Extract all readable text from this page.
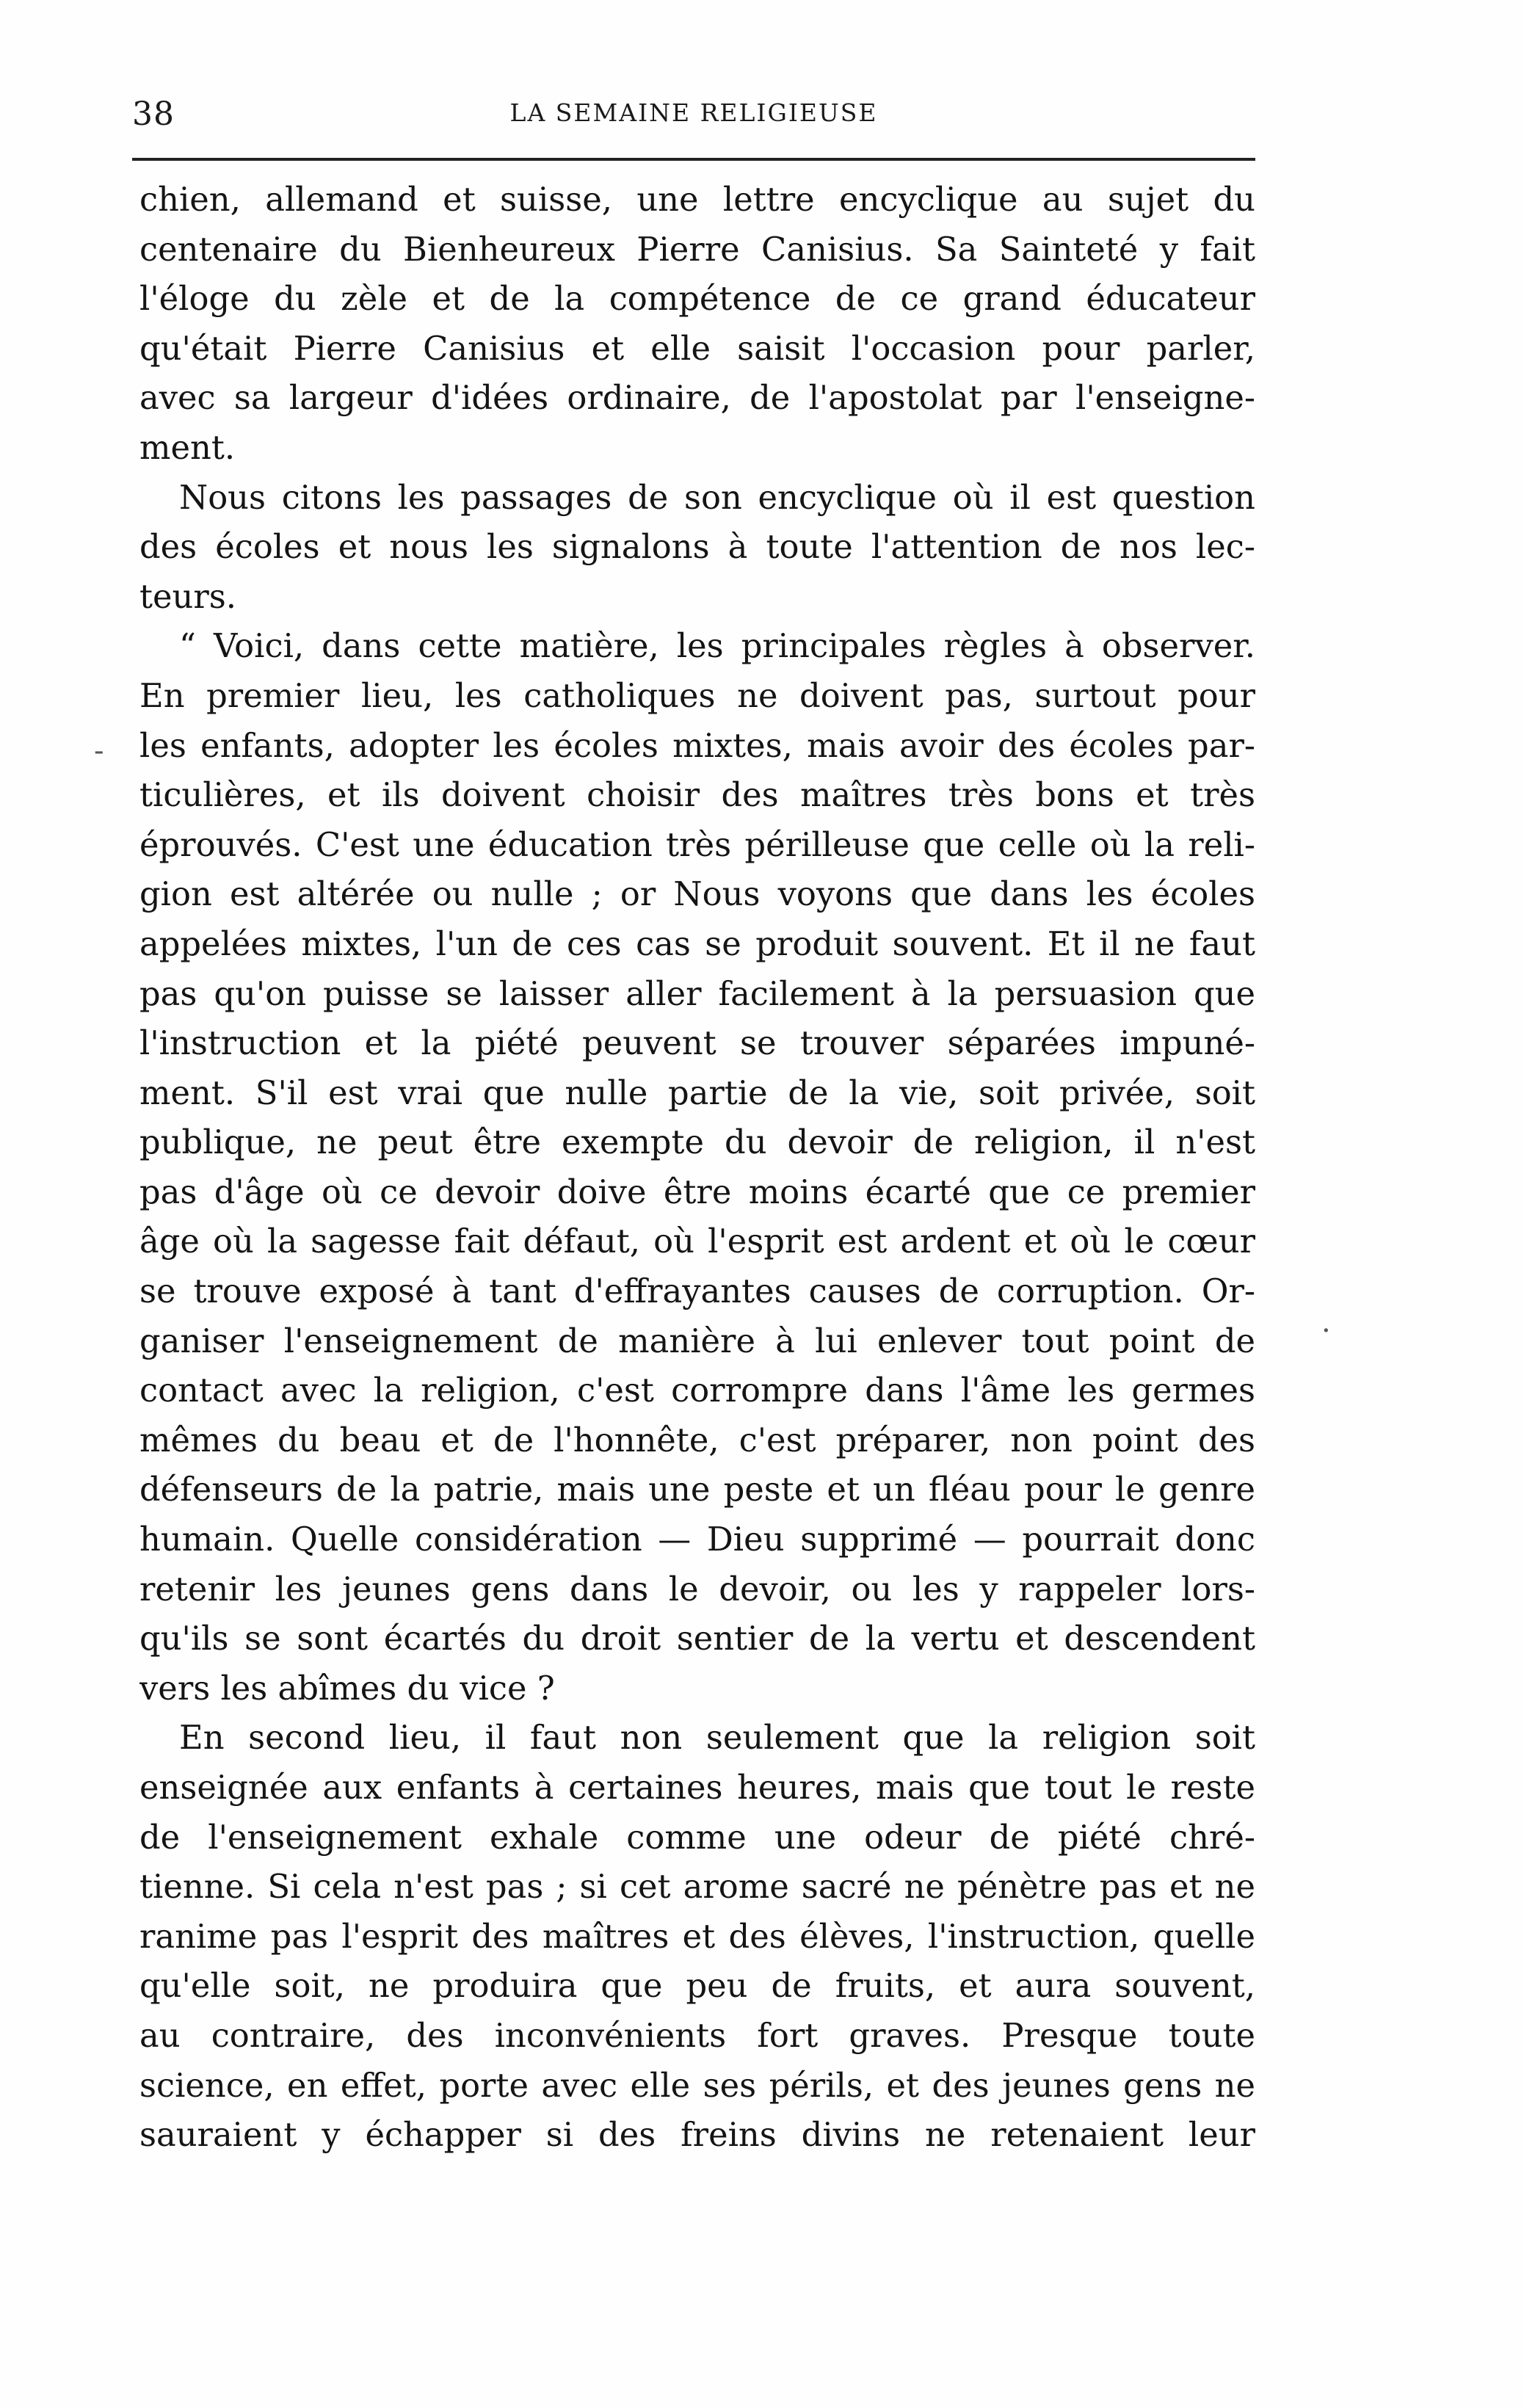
38	LA SEMAINE RELIGIEUSE
-
·
chien, allemand et suisse, une lettre encyclique au sujet du
centenaire du Bienheureux Pierre Canisius. Sa Sainteté y fait
l'éloge du zèle et de la compétence de ce grand éducateur
qu'était Pierre Canisius et elle saisit l'occasion pour parler,
avec sa largeur d'idées ordinaire, de l'apostolat par l'enseigne-
ment.
Nous citons les passages de son encyclique où il est question
des écoles et nous les signalons à toute l'attention de nos lec-
teurs.
“ Voici, dans cette matière, les principales règles à observer.
En premier lieu, les catholiques ne doivent pas, surtout pour
les enfants, adopter les écoles mixtes, mais avoir des écoles par-
ticulières, et ils doivent choisir des maîtres très bons et très
éprouvés. C'est une éducation très périlleuse que celle où la reli-
gion est altérée ou nulle ; or Nous voyons que dans les écoles
appelées mixtes, l'un de ces cas se produit souvent. Et il ne faut
pas qu'on puisse se laisser aller facilement à la persuasion que
l'instruction et la piété peuvent se trouver séparées impuné-
ment. S'il est vrai que nulle partie de la vie, soit privée, soit
publique, ne peut être exempte du devoir de religion, il n'est
pas d'âge où ce devoir doive être moins écarté que ce premier
âge où la sagesse fait défaut, où l'esprit est ardent et où le cœur
se trouve exposé à tant d'effrayantes causes de corruption. Or-
ganiser l'enseignement de manière à lui enlever tout point de
contact avec la religion, c'est corrompre dans l'âme les germes
mêmes du beau et de l'honnête, c'est préparer, non point des
défenseurs de la patrie, mais une peste et un fléau pour le genre
humain. Quelle considération — Dieu supprimé — pourrait donc
retenir les jeunes gens dans le devoir, ou les y rappeler lors-
qu'ils se sont écartés du droit sentier de la vertu et descendent
vers les abîmes du vice ?
En second lieu, il faut non seulement que la religion soit
enseignée aux enfants à certaines heures, mais que tout le reste
de l'enseignement exhale comme une odeur de piété chré-
tienne. Si cela n'est pas ; si cet arome sacré ne pénètre pas et ne
ranime pas l'esprit des maîtres et des élèves, l'instruction, quelle
qu'elle soit, ne produira que peu de fruits, et aura souvent,
au contraire, des inconvénients fort graves. Presque toute
science, en effet, porte avec elle ses périls, et des jeunes gens ne
sauraient y échapper si des freins divins ne retenaient leur
